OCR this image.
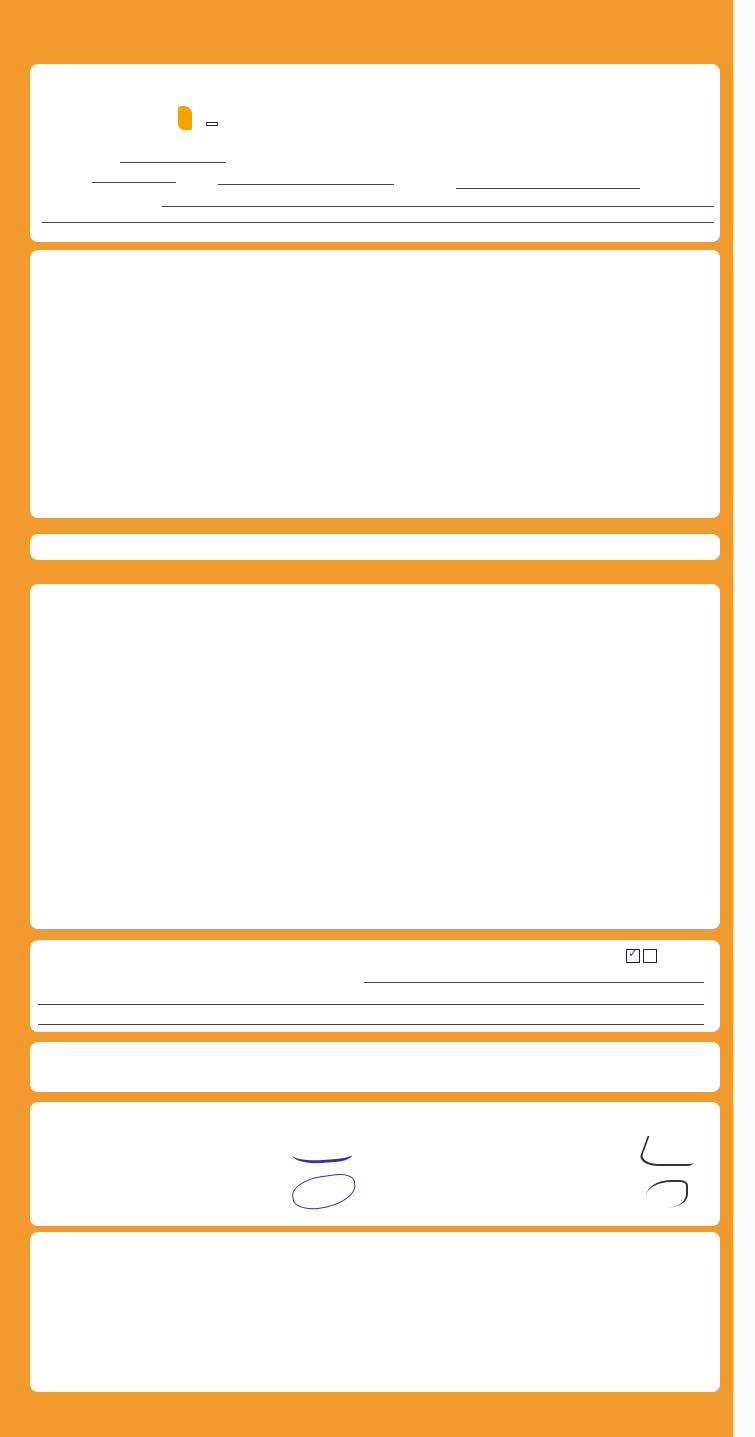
✓
